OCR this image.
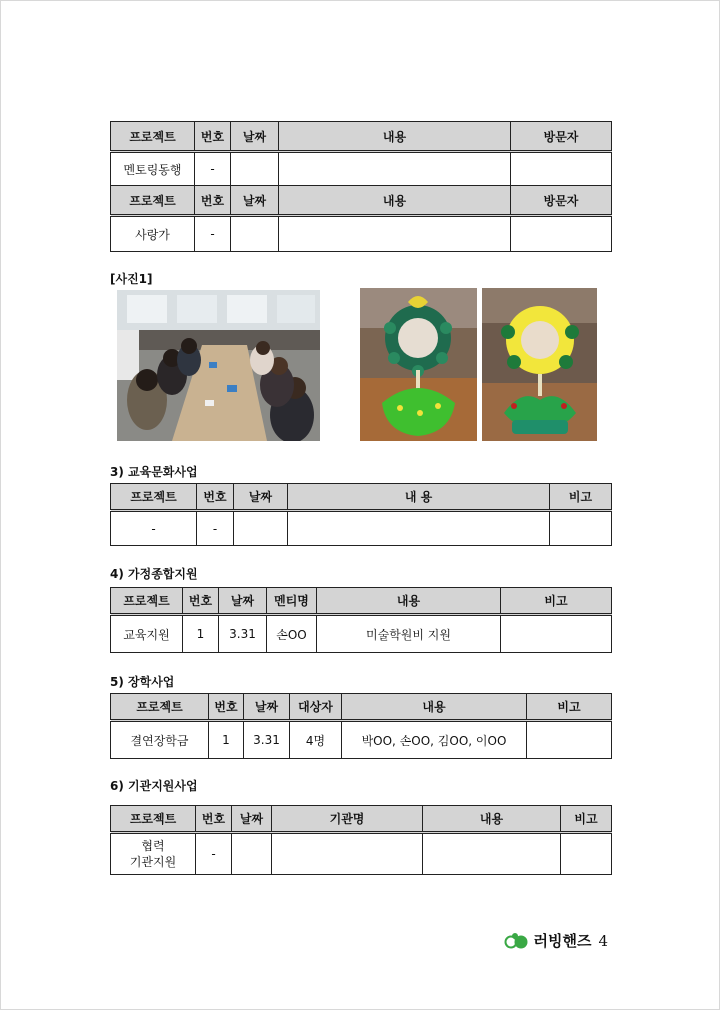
프로젝트	번호	날짜	내용	방문자
멘토링동행	-			
프로젝트	번호	날짜	내용	방문자
사랑가	-			
[사진1]
3) 교육문화사업
프로젝트	번호	날짜	내 용	비고
-	-			
4) 가정종합지원
프로젝트	번호	날짜	멘티명	내용	비고
교육지원	1	3.31	손OO	미술학원비 지원	
5) 장학사업
프로젝트	번호	날짜	대상자	내용	비고
결연장학금	1	3.31	4명	박OO, 손OO, 김OO, 이OO	
6) 기관지원사업
프로젝트	번호	날짜	기관명	내용	비고
협력
기관지원	-				
러빙핸즈 4
